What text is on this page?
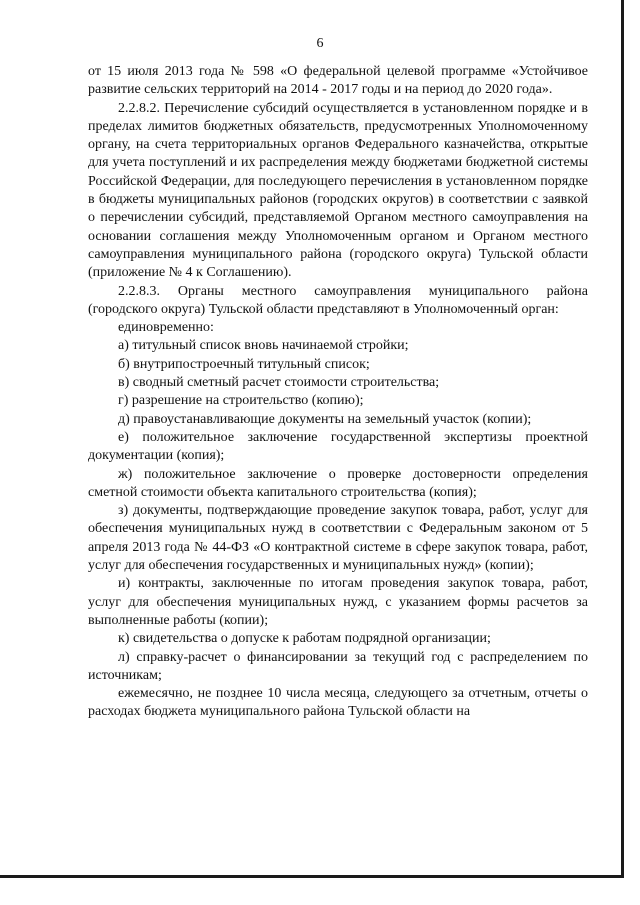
6

от 15 июля 2013 года № 598 «О федеральной целевой программе «Устойчивое развитие сельских территорий на 2014 - 2017 годы и на период до 2020 года».

2.2.8.2. Перечисление субсидий осуществляется в установленном порядке и в пределах лимитов бюджетных обязательств, предусмотренных Уполномоченному органу, на счета территориальных органов Федерального казначейства, открытые для учета поступлений и их распределения между бюджетами бюджетной системы Российской Федерации, для последующего перечисления в установленном порядке в бюджеты муниципальных районов (городских округов) в соответствии с заявкой о перечислении субсидий, представляемой Органом местного самоуправления на основании соглашения между Уполномоченным органом и Органом местного самоуправления муниципального района (городского округа) Тульской области (приложение № 4 к Соглашению).

2.2.8.3. Органы местного самоуправления муниципального района (городского округа) Тульской области представляют в Уполномоченный орган:

единовременно:

а) титульный список вновь начинаемой стройки;

б) внутрипостроечный титульный список;

в) сводный сметный расчет стоимости строительства;

г) разрешение на строительство (копию);

д) правоустанавливающие документы на земельный участок (копии);

е) положительное заключение государственной экспертизы проектной документации (копия);

ж) положительное заключение о проверке достоверности определения сметной стоимости объекта капитального строительства (копия);

з) документы, подтверждающие проведение закупок товара, работ, услуг для обеспечения муниципальных нужд в соответствии с Федеральным законом от 5 апреля 2013 года № 44-ФЗ «О контрактной системе в сфере закупок товара, работ, услуг для обеспечения государственных и муниципальных нужд» (копии);

и) контракты, заключенные по итогам проведения закупок товара, работ, услуг для обеспечения муниципальных нужд, с указанием формы расчетов за выполненные работы (копии);

к) свидетельства о допуске к работам подрядной организации;

л) справку-расчет о финансировании за текущий год с распределением по источникам;

ежемесячно, не позднее 10 числа месяца, следующего за отчетным, отчеты о расходах бюджета муниципального района Тульской области на
